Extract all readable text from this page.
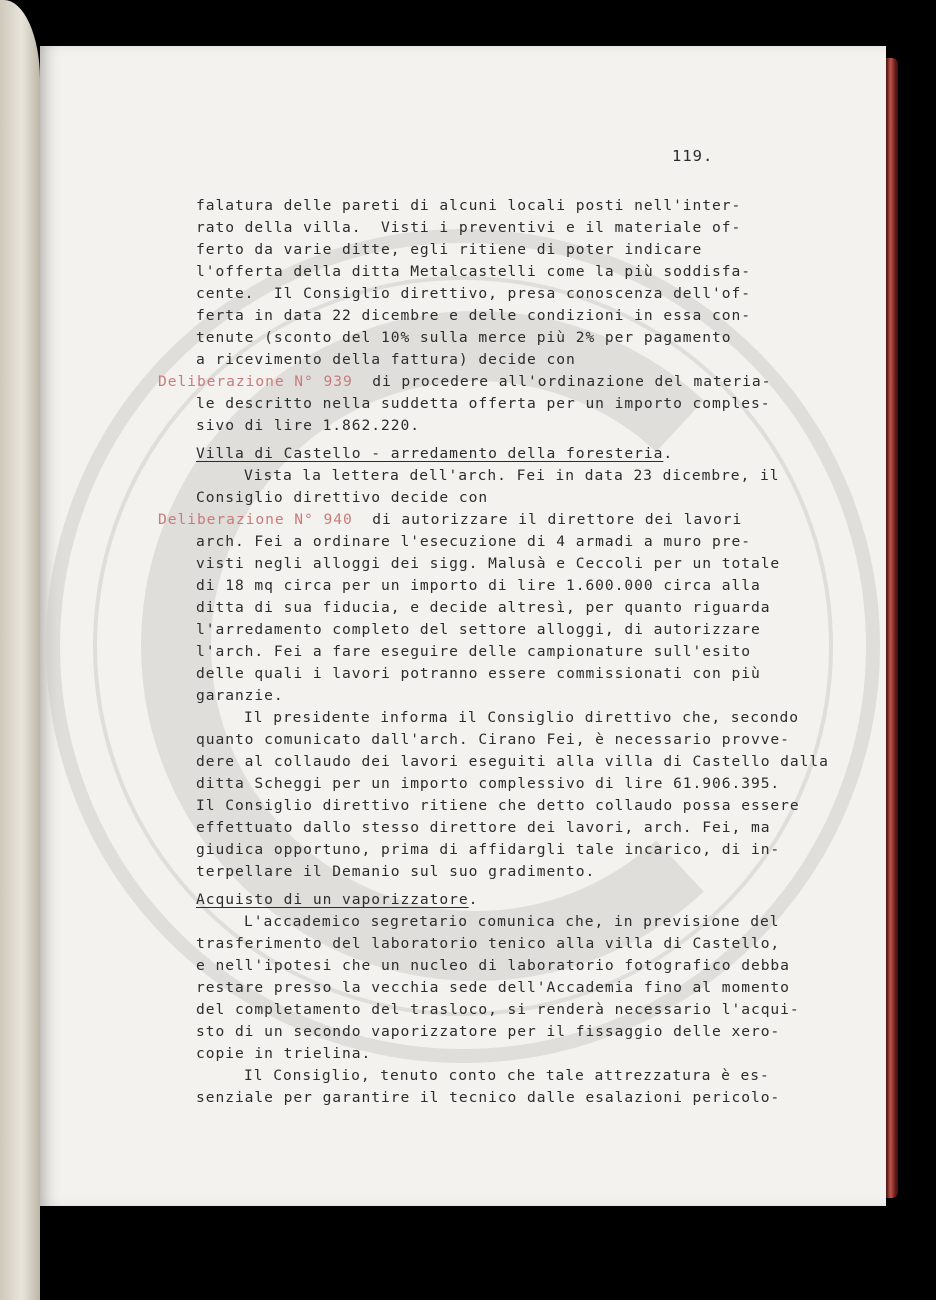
119.
falatura delle pareti di alcuni locali posti nell'inter-
rato della villa.  Visti i preventivi e il materiale of-
ferto da varie ditte, egli ritiene di poter indicare
l'offerta della ditta Metalcastelli come la più soddisfa-
cente.  Il Consiglio direttivo, presa conoscenza dell'of-
ferta in data 22 dicembre e delle condizioni in essa con-
tenute (sconto del 10% sulla merce più 2% per pagamento
a ricevimento della fattura) decide con
Deliberazione N° 939  di procedere all'ordinazione del materia-
le descritto nella suddetta offerta per un importo comples-
sivo di lire 1.862.220.
Villa di Castello - arredamento della foresteria.
Vista la lettera dell'arch. Fei in data 23 dicembre, il
Consiglio direttivo decide con
Deliberazione N° 940  di autorizzare il direttore dei lavori
arch. Fei a ordinare l'esecuzione di 4 armadi a muro pre-
visti negli alloggi dei sigg. Malusà e Ceccoli per un totale
di 18 mq circa per un importo di lire 1.600.000 circa alla
ditta di sua fiducia, e decide altresì, per quanto riguarda
l'arredamento completo del settore alloggi, di autorizzare
l'arch. Fei a fare eseguire delle campionature sull'esito
delle quali i lavori potranno essere commissionati con più
garanzie.
Il presidente informa il Consiglio direttivo che, secondo
quanto comunicato dall'arch. Cirano Fei, è necessario provve-
dere al collaudo dei lavori eseguiti alla villa di Castello dalla
ditta Scheggi per un importo complessivo di lire 61.906.395.
Il Consiglio direttivo ritiene che detto collaudo possa essere
effettuato dallo stesso direttore dei lavori, arch. Fei, ma
giudica opportuno, prima di affidargli tale incarico, di in-
terpellare il Demanio sul suo gradimento.
Acquisto di un vaporizzatore.
L'accademico segretario comunica che, in previsione del
trasferimento del laboratorio tenico alla villa di Castello,
e nell'ipotesi che un nucleo di laboratorio fotografico debba
restare presso la vecchia sede dell'Accademia fino al momento
del completamento del trasloco, si renderà necessario l'acqui-
sto di un secondo vaporizzatore per il fissaggio delle xero-
copie in trielina.
Il Consiglio, tenuto conto che tale attrezzatura è es-
senziale per garantire il tecnico dalle esalazioni pericolo-
